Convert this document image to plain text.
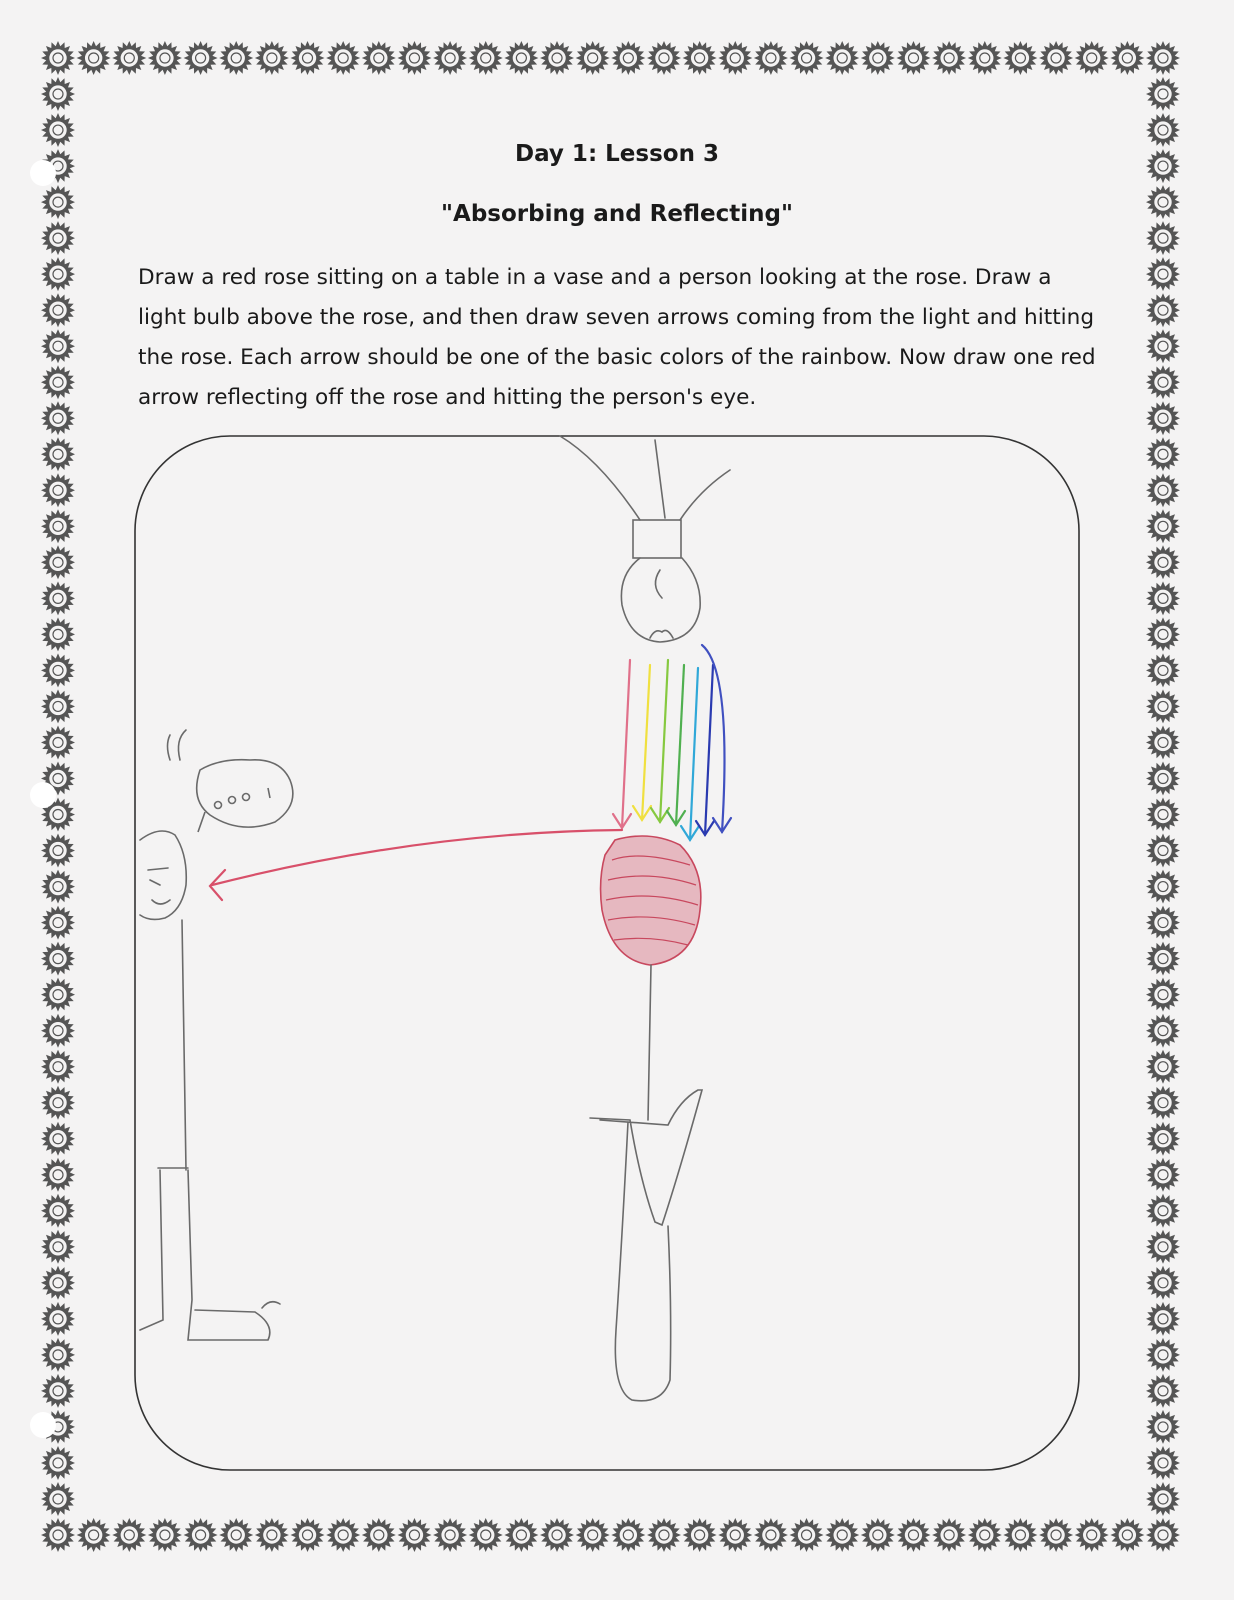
Day 1: Lesson 3
"Absorbing and Reflecting"

Draw a red rose sitting on a table in a vase and a person looking at the rose. Draw a light bulb above the rose, and then draw seven arrows coming from the light and hitting the rose. Each arrow should be one of the basic colors of the rainbow. Now draw one red arrow reflecting off the rose and hitting the person's eye.
